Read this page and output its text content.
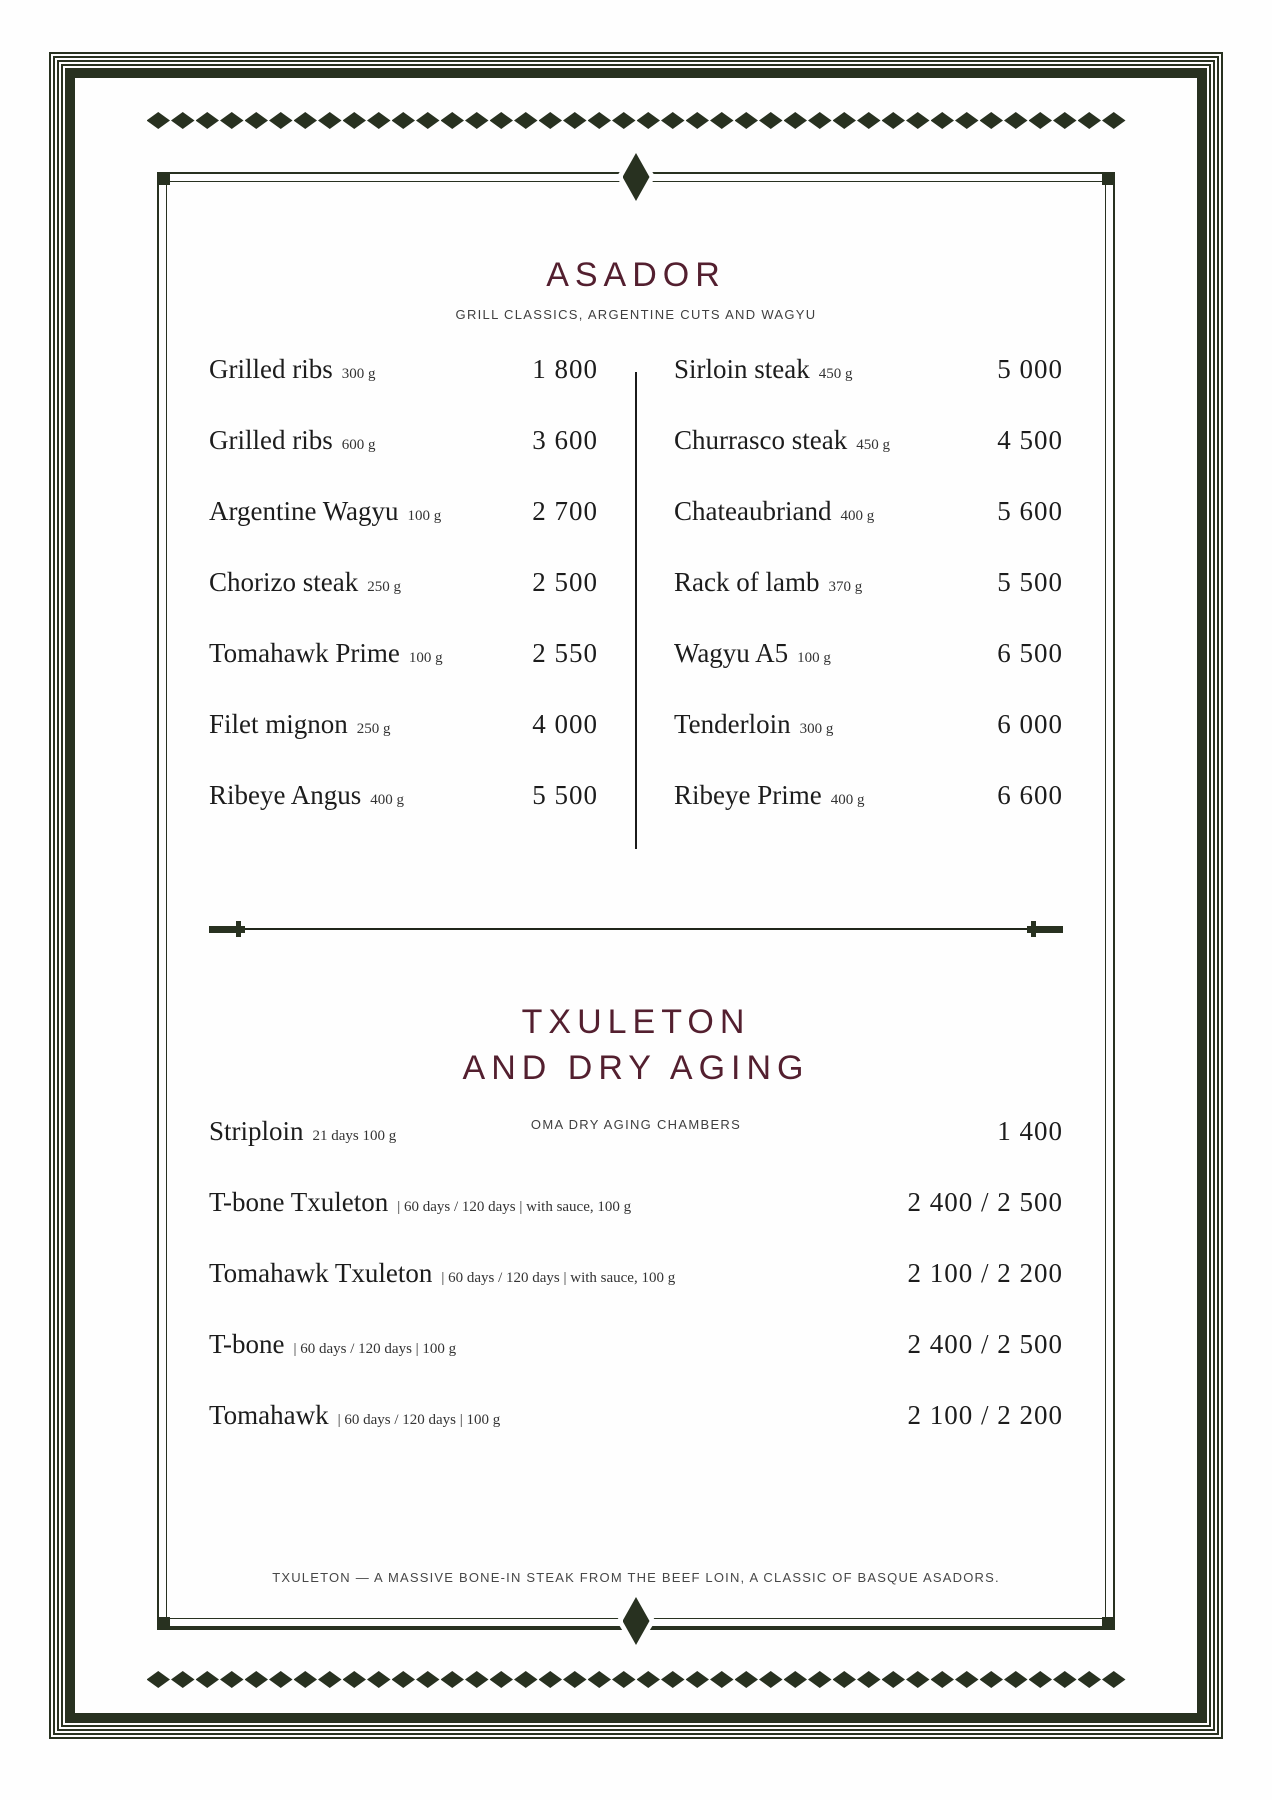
ASADOR
GRILL CLASSICS, ARGENTINE CUTS AND WAGYU
Grilled ribs 300 g	1 800
Grilled ribs 600 g	3 600
Argentine Wagyu 100 g	2 700
Chorizo steak 250 g	2 500
Tomahawk Prime 100 g	2 550
Filet mignon 250 g	4 000
Ribeye Angus 400 g	5 500
Sirloin steak 450 g	5 000
Churrasco steak 450 g	4 500
Chateaubriand 400 g	5 600
Rack of lamb 370 g	5 500
Wagyu A5 100 g	6 500
Tenderloin 300 g	6 000
Ribeye Prime 400 g	6 600
TXULETON
AND DRY AGING
OMA DRY AGING CHAMBERS
Striploin 21 days 100 g	1 400
T-bone Txuleton | 60 days / 120 days | with sauce, 100 g	2 400 / 2 500
Tomahawk Txuleton | 60 days / 120 days | with sauce, 100 g	2 100 / 2 200
T-bone | 60 days / 120 days | 100 g	2 400 / 2 500
Tomahawk | 60 days / 120 days | 100 g	2 100 / 2 200
TXULETON — A MASSIVE BONE-IN STEAK FROM THE BEEF LOIN, A CLASSIC OF BASQUE ASADORS.
